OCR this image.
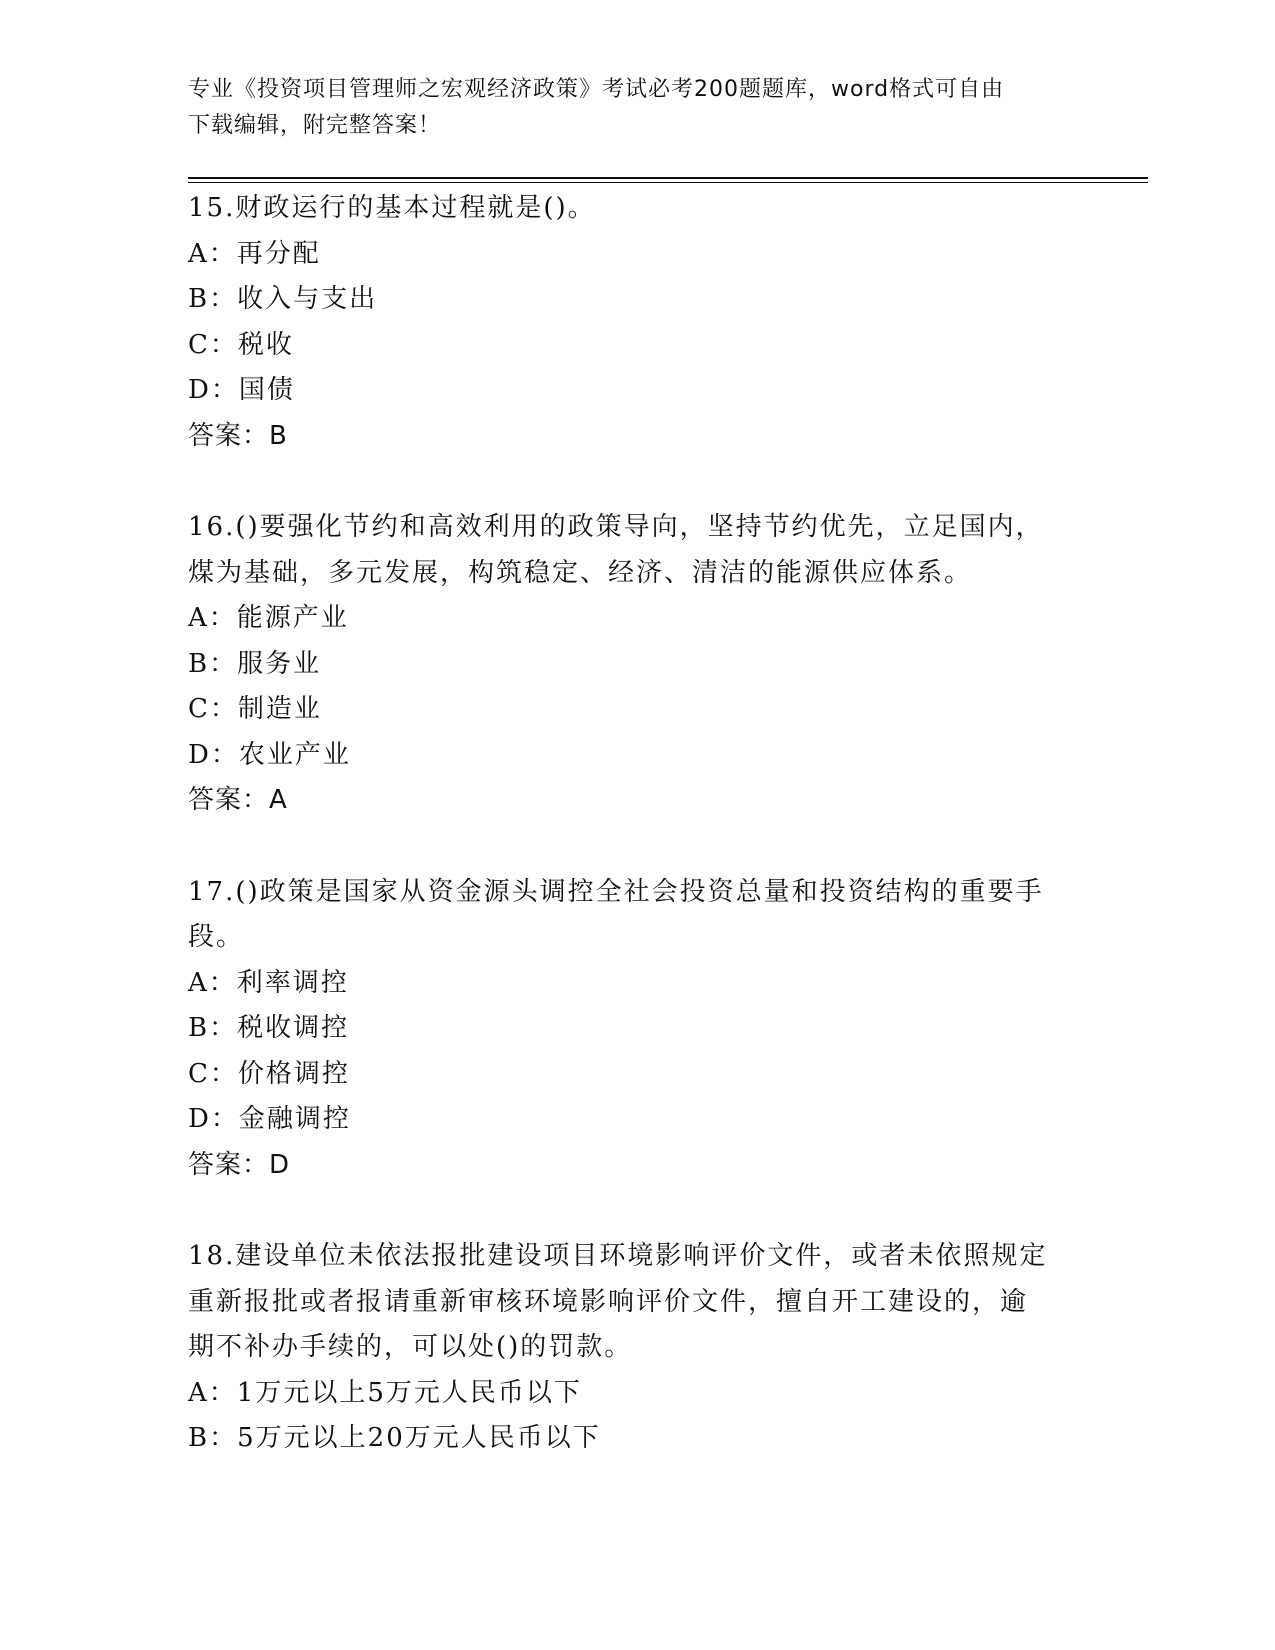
专业《投资项目管理师之宏观经济政策》考试必考200题题库，word格式可自由
下载编辑，附完整答案！
15.财政运行的基本过程就是()。
A：再分配
B：收入与支出
C：税收
D：国债
答案：B
16.()要强化节约和高效利用的政策导向，坚持节约优先，立足国内，
煤为基础，多元发展，构筑稳定、经济、清洁的能源供应体系。
A：能源产业
B：服务业
C：制造业
D：农业产业
答案：A
17.()政策是国家从资金源头调控全社会投资总量和投资结构的重要手
段。
A：利率调控
B：税收调控
C：价格调控
D：金融调控
答案：D
18.建设单位未依法报批建设项目环境影响评价文件，或者未依照规定
重新报批或者报请重新审核环境影响评价文件，擅自开工建设的，逾
期不补办手续的，可以处()的罚款。
A：1万元以上5万元人民币以下
B：5万元以上20万元人民币以下
